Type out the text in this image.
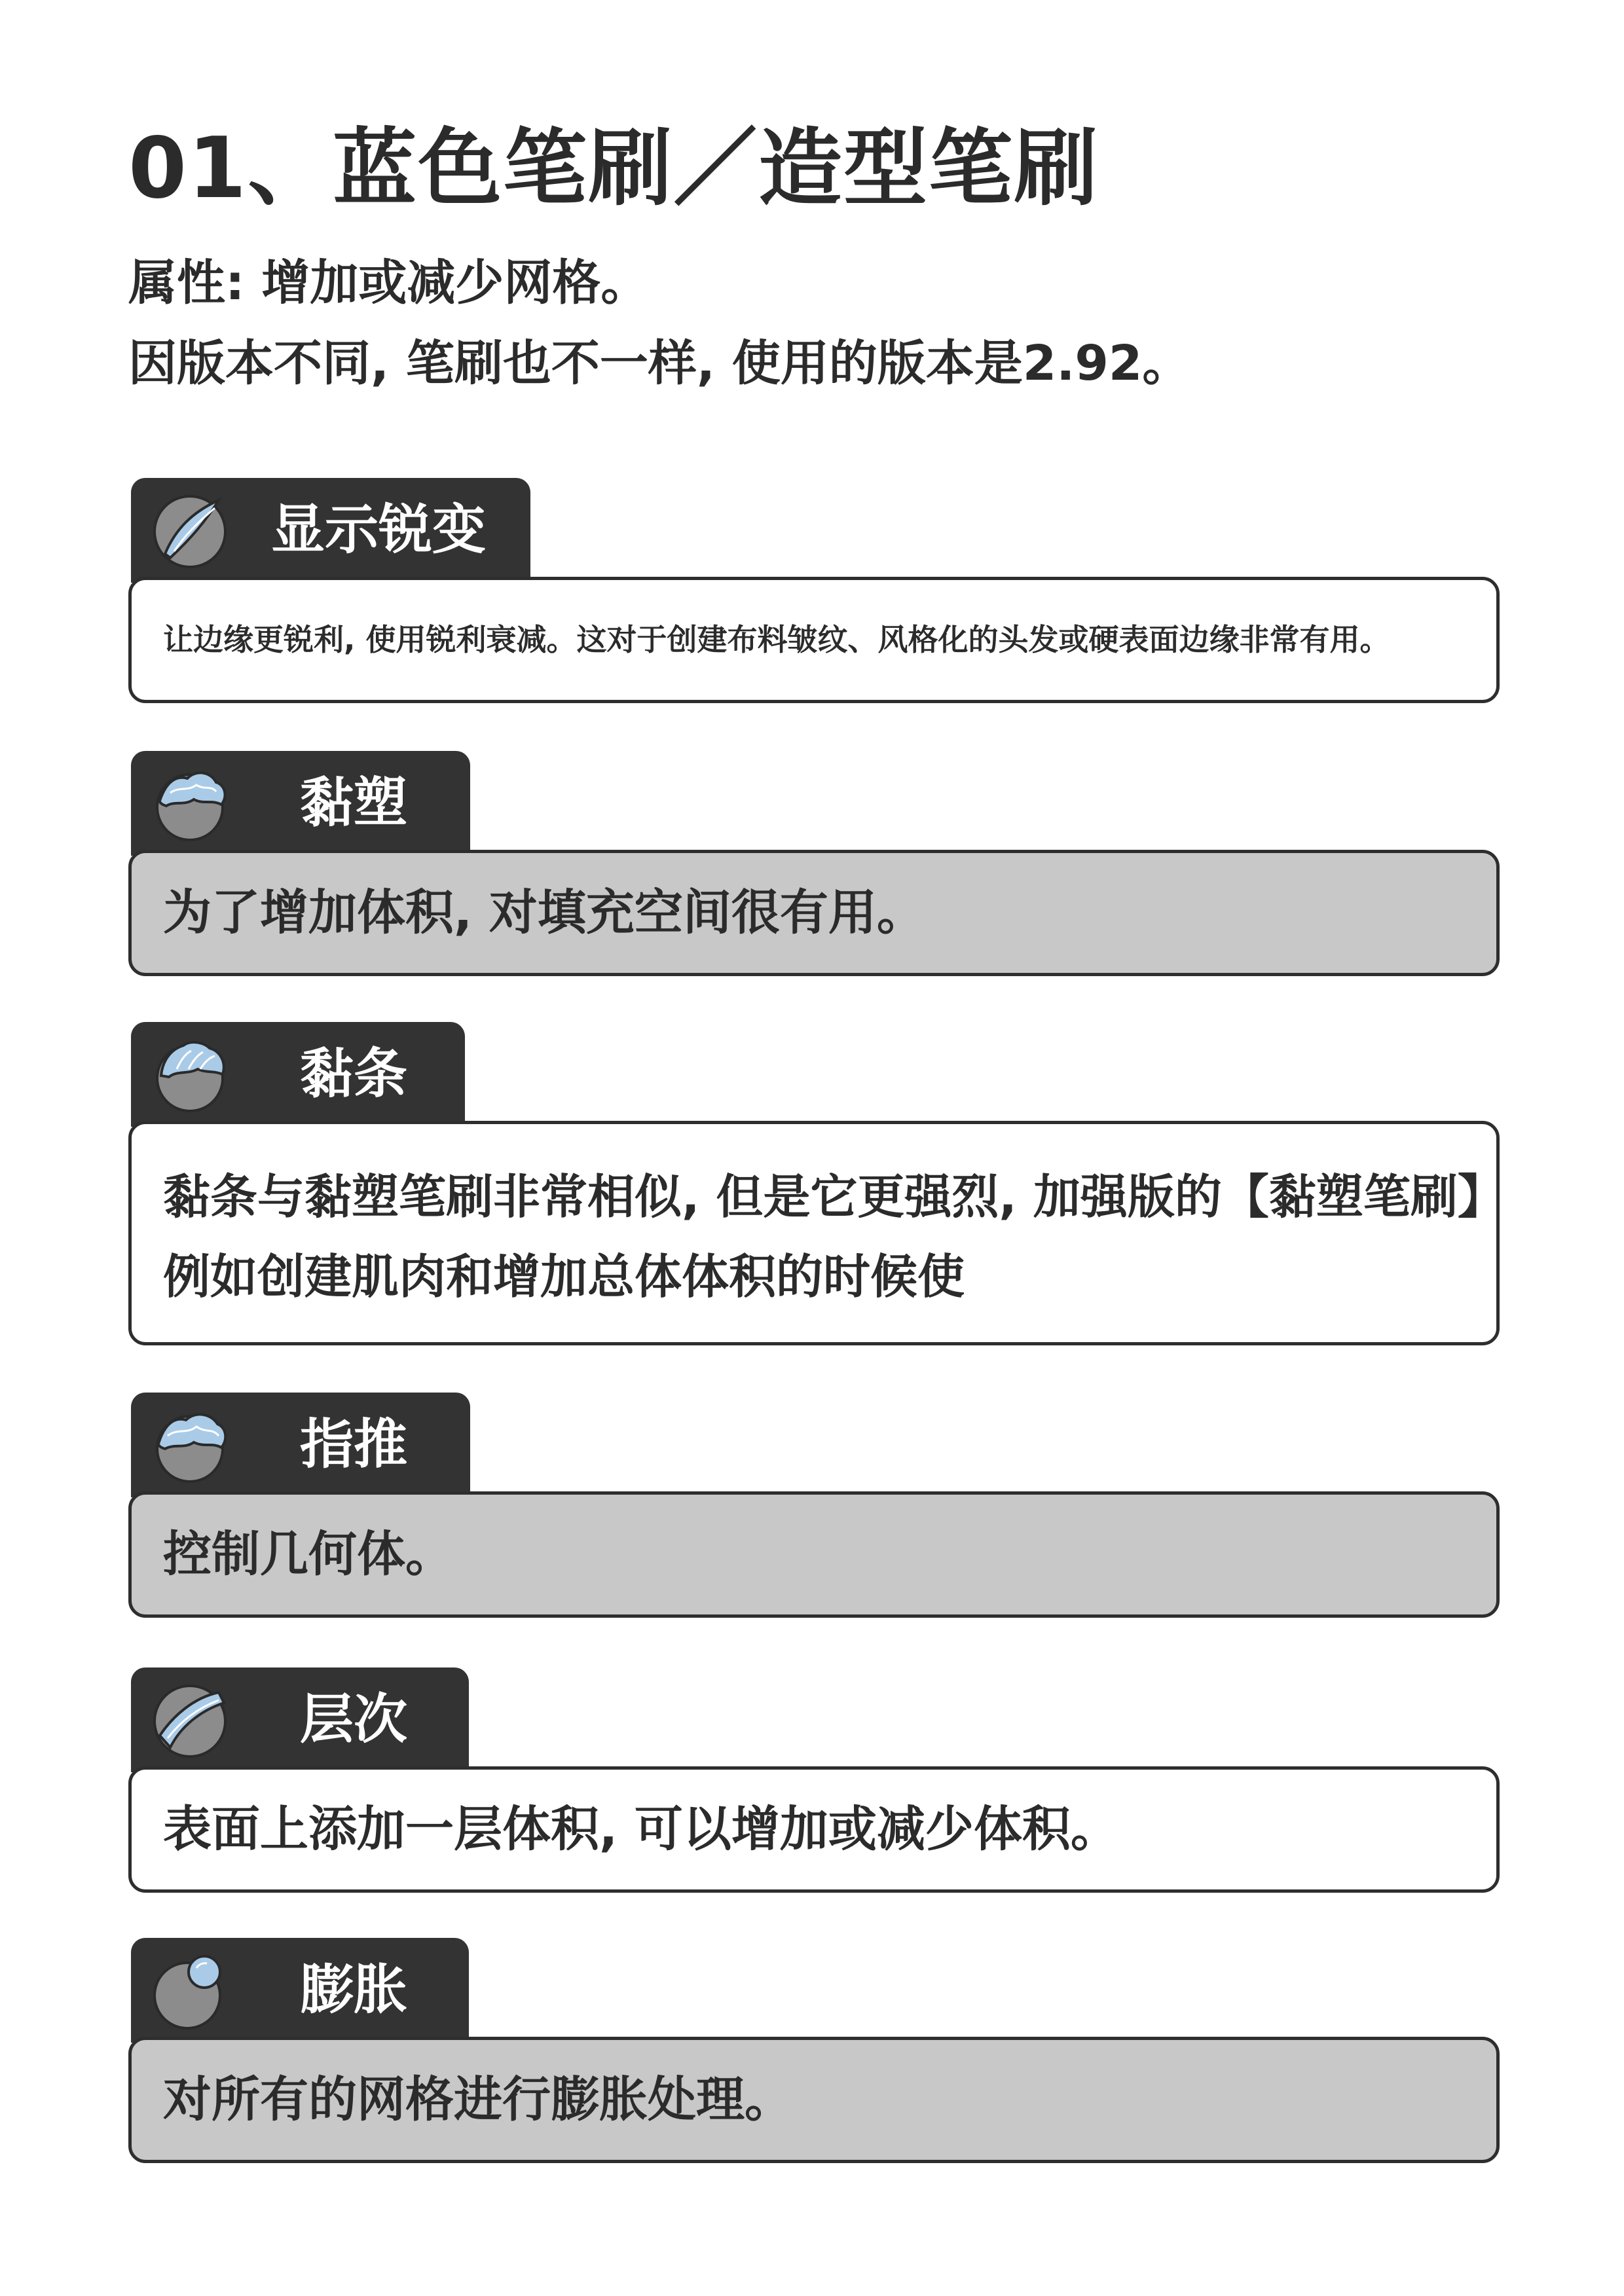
01、蓝色笔刷／造型笔刷
属性: 增加或减少网格。
因版本不同, 笔刷也不一样, 使用的版本是2.92。
显示锐变
让边缘更锐利, 使用锐利衰减。这对于创建布料皱纹、风格化的头发或硬表面边缘非常有用。
黏塑
为了增加体积, 对填充空间很有用。
黏条
黏条与黏塑笔刷非常相似, 但是它更强烈, 加强版的【黏塑笔刷】
例如创建肌肉和增加总体体积的时候使
指推
控制几何体。
层次
表面上添加一层体积, 可以增加或减少体积。
膨胀
对所有的网格进行膨胀处理。
